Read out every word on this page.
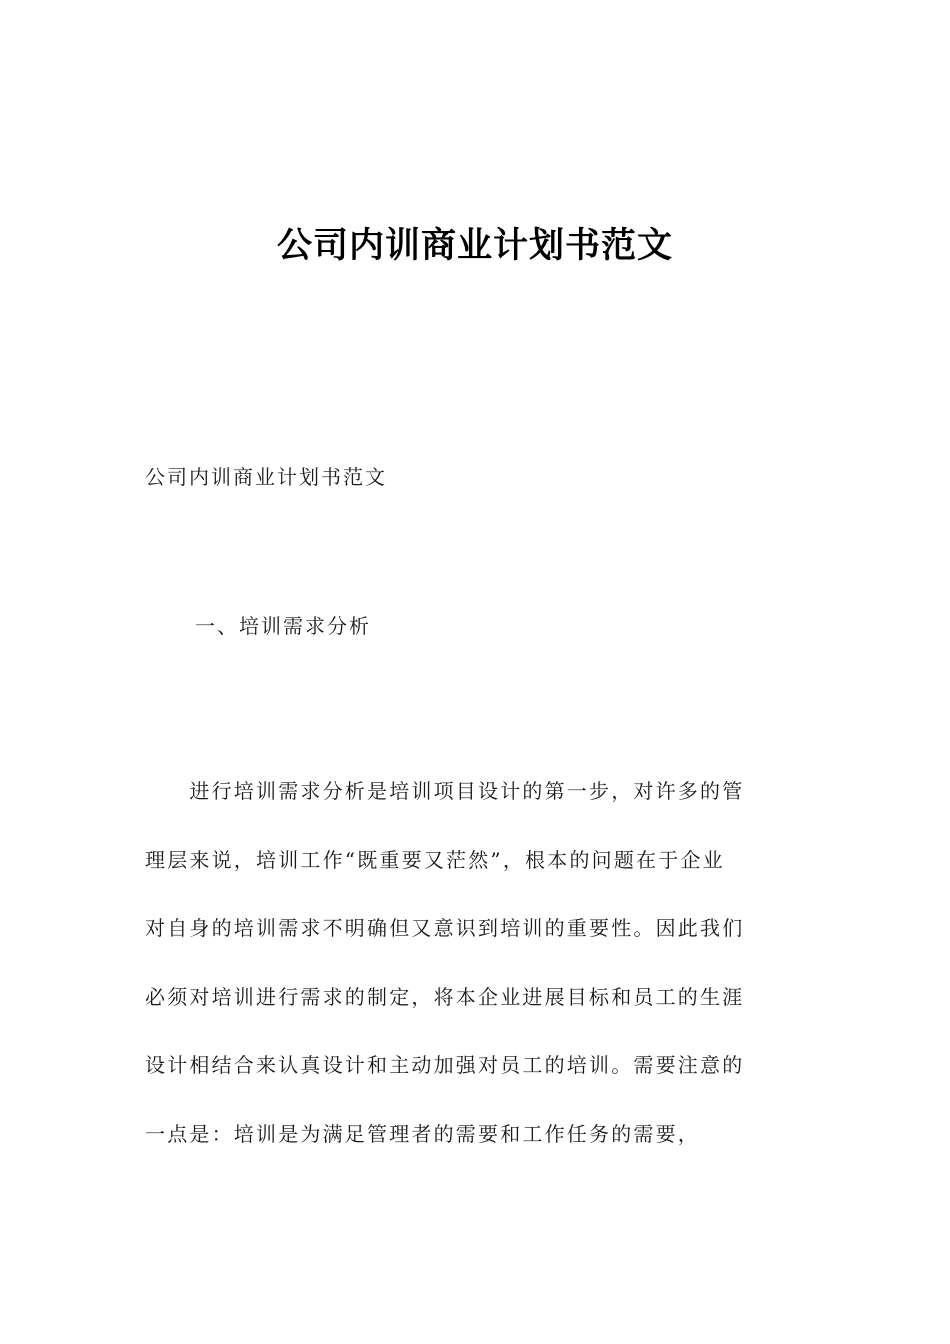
公司内训商业计划书范文
公司内训商业计划书范文
一、培训需求分析
　　进行培训需求分析是培训项目设计的第一步，对许多的管
理层来说，培训工作“既重要又茫然”，根本的问题在于企业
对自身的培训需求不明确但又意识到培训的重要性。因此我们
必须对培训进行需求的制定，将本企业进展目标和员工的生涯
设计相结合来认真设计和主动加强对员工的培训。需要注意的
一点是：培训是为满足管理者的需要和工作任务的需要，
